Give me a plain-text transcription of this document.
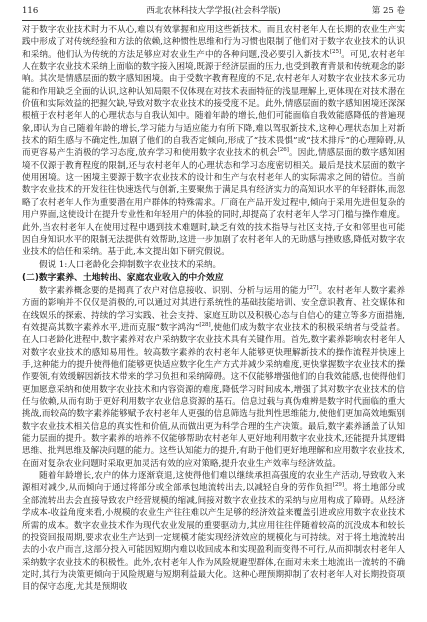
116	西北农林科技大学学报(社会科学版)	第 25 卷

对于数字农业技术时力不从心,难以有效掌握和应用这些新技术。而且农村老年人在长期的农业生产实践中形成了对传统经验和方法的依赖,这种惯性思维和行为习惯也限制了他们对于数字农业技术的认识和采纳。他们认为传统的方法足够应对农业生产中的各种问题,没必要引入新技术[25]。可见,农村老年人在数字农业技术采纳上面临的数字接入困境,既源于经济层面的压力,也受到教育背景和传统观念的影响。其次是情感层面的数字感知困境。由于受数字教育程度的不足,农村老年人对数字农业技术多元功能和作用缺乏全面的认识,这种认知局限不仅体现在对技术表面特征的浅显理解上,更体现在对技术潜在价值和实际效益的把握欠缺,导致对数字农业技术的接受度不足。此外,情感层面的数字感知困境还深深根植于农村老年人的心理状态与自我认知中。随着年龄的增长,他们可能面临自我效能感降低的普遍现象,即认为自己随着年龄的增长,学习能力与适应能力有所下降,难以驾驭新技术,这种心理状态加上对新技术的陌生感与不确定性,加剧了他们的自我否定倾向,形成了“技术畏惧”或“技术排斥”的心理障碍,从而更容易产生消极的学习态度,放弃学习和使用数字农业技术的机会[26]。因此,情感层面的数字感知困境不仅源于教育程度的限制,还与农村老年人的心理状态和学习态度密切相关。最后是技术层面的数字使用困境。这一困境主要源于数字农业技术的设计和生产与农村老年人的实际需求之间的错位。当前数字农业技术的开发往往快速迭代与创新,主要聚焦于满足具有经济实力的高知识水平的年轻群体,而忽略了农村老年人作为重要潜在用户群体的特殊需求。厂商在产品开发过程中,倾向于采用先进但复杂的用户界面,这使设计在提升专业性和年轻用户的体验的同时,却提高了农村老年人学习门槛与操作难度。此外,当农村老年人在使用过程中遇到技术难题时,缺乏有效的技术指导与社区支持,子女和邻里也可能因自身知识水平的限制无法提供有效帮助,这进一步加剧了农村老年人的无助感与挫败感,降低对数字农业技术的信任和采纳。基于此,本文提出如下研究假说。

假说 1:人口老龄化会抑制数字农业技术的采纳。

(二)数字素养、土地转出、家庭农业收入的中介效应

数字素养概念要的是揭真了农户对信息接收、识别、分析与运用的能力[27]。农村老年人数字素养方面的影响并不仅仅是消极的,可以通过对其进行系统性的基础技能培训、安全意识教育、社交媒体和在线娱乐的探索、持续的学习实践、社会支持、家庭互助以及积极心态与自信心的建立等多方面措施,有效提高其数字素养水平,进而克服“数字鸿沟”[28],使他们成为数字农业技术的积极采纳者与受益者。在人口老龄化进程中,数字素养对农户采纳数字农业技术具有关键作用。首先,数字素养影响农村老年人对数字农业技术的感知易用性。较高数字素养的农村老年人能够更快理解新技术的操作流程并快速上手,这种能力的提升使得他们能够更快适应数字化生产方式并减少采纳难度,更快掌握数字农业技术的操作要领,有效缓解因新技术带来的学习负担和采纳障碍。这不仅能够增强他们的自我效能感,也使得他们更加愿意采纳和使用数字农业技术和内容资源的难度,降低学习时间成本,增强了其对数字农业技术的信任与依赖,从而有助于更好利用数字农业信息资源的基石。信息过载与真伪难辨是数字时代面临的重大挑战,而较高的数字素养能够赋予农村老年人更强的信息筛选与批判性思维能力,使他们更加高效地甄别数字农业技术相关信息的真实性和价值,从而做出更为科学合理的生产决策。最后,数字素养涵盖了认知能力层面的提升。数字素养的培养不仅能够帮助农村老年人更好地利用数字农业技术,还能提升其逻辑思维、批判思维及解决问题的能力。这些认知能力的提升,有助于他们更好地理解和应用数字农业技术,在面对复杂农业问题时采取更加灵活有效的应对策略,提升农业生产效率与经济效益。

随着年龄增长,农户的体力逐渐衰退,这使得他们难以继续承担高强度的农业生产活动,导致收入来源相对减少,从而倾向于通过将部分或全部承包地流转出去,以减轻自身的劳作负担[29]。将土地部分或全部流转出去会直接导致农户经营规模的缩减,间接对数字农业技术的采纳与应用构成了障碍。从经济学成本-收益角度来看,小规模的农业生产往往难以产生足够的经济效益来覆盖引进或应用数字农业技术所需的成本。数字农业技术作为现代农业发展的重要驱动力,其应用往往伴随着较高的沉没成本和较长的投资回报周期,要求农业生产达到一定规模才能实现经济效应的规模化与可持续。对于将土地流转出去的小农户而言,这部分投入可能因短期内难以收回成本和实现盈利而变得不可行,从而抑制农村老年人采纳数字农业技术的积极性。此外,农村老年人作为风险规避型群体,在面对未来土地流出一流转的不确定时,其行为决策更倾向于风险规避与短期利益最大化。这种心理预期抑制了农村老年人对长期投资项目的保守态度,尤其是预期收
